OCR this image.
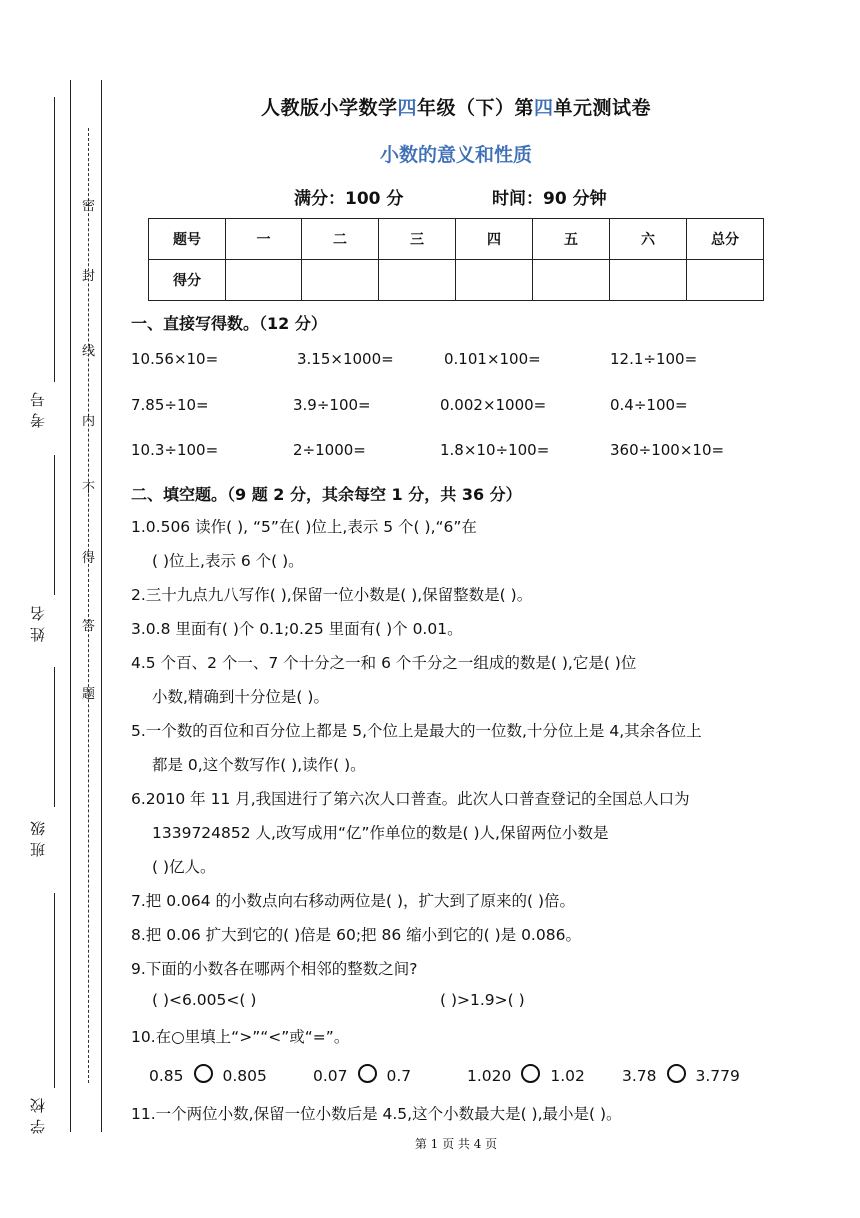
考号
姓名
班级
学校
密
封
线
内
不
得
答
题
人教版小学数学四年级（下）第四单元测试卷
小数的意义和性质
满分：100 分	时间：90 分钟
题号	一	二	三	四	五	六	总分
得分							
一、直接写得数。（12 分）
10.56×10=	3.15×1000=	0.101×100=	12.1÷100=
7.85÷10=	3.9÷100=	0.002×1000=	0.4÷100=
10.3÷100=	2÷1000=	1.8×10÷100=	360÷100×10=
二、填空题。（9 题 2 分，其余每空 1 分，共 36 分）
1.0.506 读作( ), “5”在( )位上,表示 5 个( ),“6”在
( )位上,表示 6 个( )。
2.三十九点九八写作( ),保留一位小数是( ),保留整数是( )。
3.0.8 里面有( )个 0.1;0.25 里面有( )个 0.01。
4.5 个百、2 个一、7 个十分之一和 6 个千分之一组成的数是( ),它是( )位
小数,精确到十分位是( )。
5.一个数的百位和百分位上都是 5,个位上是最大的一位数,十分位上是 4,其余各位上
都是 0,这个数写作( ),读作( )。
6.2010 年 11 月,我国进行了第六次人口普查。此次人口普查登记的全国总人口为
1339724852 人,改写成用“亿”作单位的数是( )人,保留两位小数是
( )亿人。
7.把 0.064 的小数点向右移动两位是( )，扩大到了原来的( )倍。
8.把 0.06 扩大到它的( )倍是 60;把 86 缩小到它的( )是 0.086。
9.下面的小数各在哪两个相邻的整数之间?
( )<6.005<( )	( )>1.9>( )
10.在○里填上“>”“<”或“=”。
0.85	0.805	0.07	0.7	1.020	1.02 3.78	3.779
11.一个两位小数,保留一位小数后是 4.5,这个小数最大是( ),最小是( )。
第 1 页 共 4 页
